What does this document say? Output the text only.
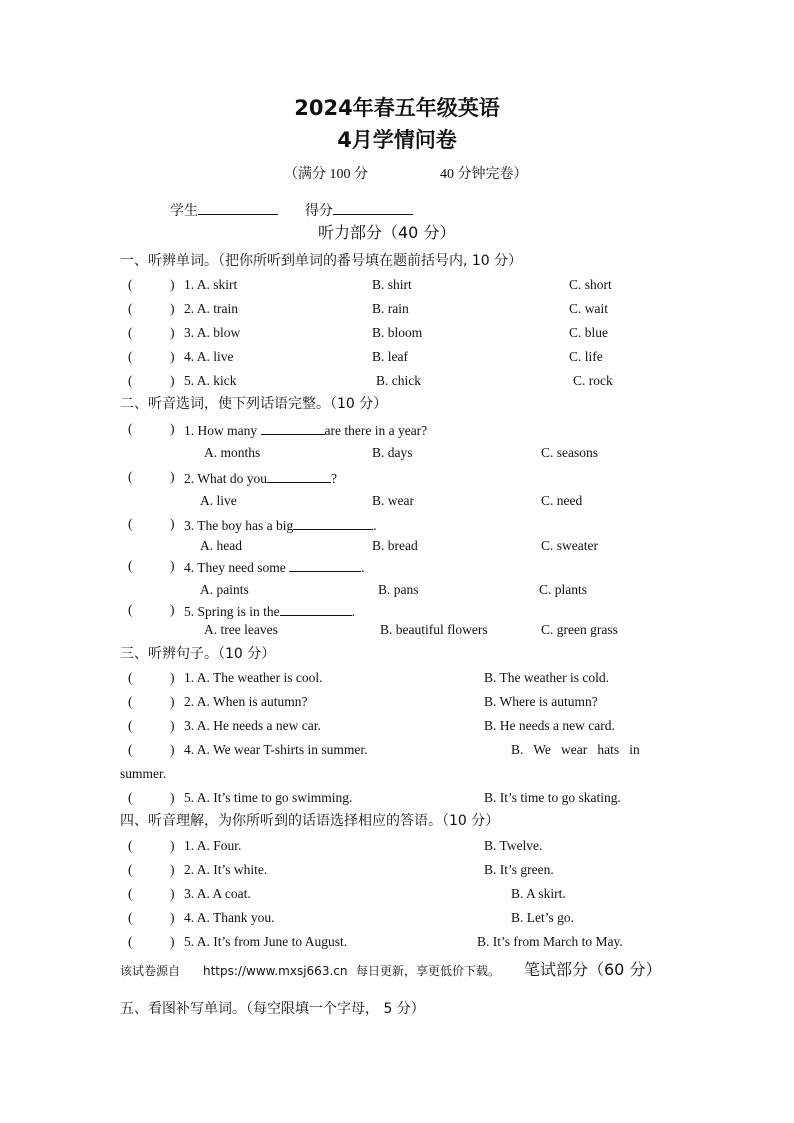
2024年春五年级英语
4月学情问卷
（满分 100 分	40 分钟完卷）
学生	得分
听力部分（40 分）
一、听辨单词。（把你所听到单词的番号填在题前括号内, 10 分）
(	) 1. A. skirt	B. shirt	C. short
(	) 2. A. train	B. rain	C. wait
(	) 3. A. blow	B. bloom	C. blue
(	) 4. A. live	B. leaf	C. life
(	) 5. A. kick	B. chick	C. rock
二、听音选词，使下列话语完整。（10 分）
(	) 1. How many	are there in a year?
A. months	B. days	C. seasons
(	) 2. What do you	?
A. live	B. wear	C. need
(	) 3. The boy has a big	.
A. head	B. bread	C. sweater
(	) 4. They need some	.
A. paints	B. pans	C. plants
(	) 5. Spring is in the	.
A. tree leaves	B. beautiful flowers	C. green grass
三、听辨句子。（10 分）
(	) 1. A. The weather is cool.	B. The weather is cold.
(	) 2. A. When is autumn?	B. Where is autumn?
(	) 3. A. He needs a new car.	B. He needs a new card.
(	) 4. A. We wear T-shirts in summer.	B.   We   wear   hats   in
summer.
(	) 5. A. It’s time to go swimming.	B. It’s time to go skating.
四、听音理解，为你所听到的话语选择相应的答语。（10 分）
(	) 1. A. Four.	B. Twelve.
(	) 2. A. It’s white.	B. It’s green.
(	) 3. A. A coat.	B. A skirt.
(	) 4. A. Thank you.	B. Let’s go.
(	) 5. A. It’s from June to August.	B. It’s from March to May.
该试卷源自 https://www.mxsj663.cn 每日更新，享更低价下载。 笔试部分（60 分）
五、看图补写单词。（每空限填一个字母， 5 分）
